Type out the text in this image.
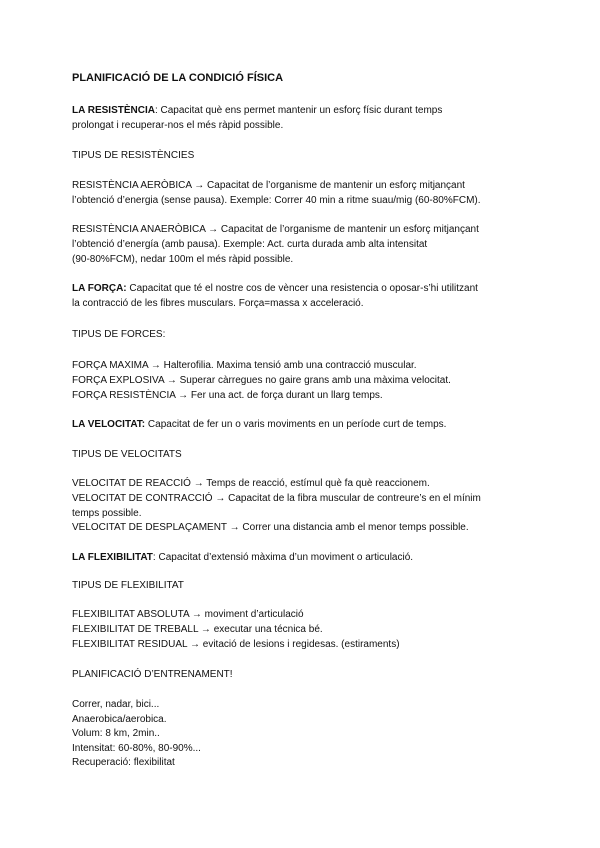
PLANIFICACIÓ DE LA CONDICIÓ FÍSICA
LA RESISTÈNCIA: Capacitat què ens permet mantenir un esforç físic durant temps
prolongat i recuperar-nos el més ràpid possible.
TIPUS DE RESISTÈNCIES
RESISTÈNCIA AERÒBICA → Capacitat de l’organisme de mantenir un esforç mitjançant
l’obtenció d’energia (sense pausa). Exemple: Correr 40 min a ritme suau/mig (60-80%FCM).
RESISTÈNCIA ANAERÒBICA → Capacitat de l’organisme de mantenir un esforç mitjançant
l’obtenció d’energía (amb pausa). Exemple: Act. curta durada amb alta intensitat
(90-80%FCM), nedar 100m el més ràpid possible.
LA FORÇA: Capacitat que té el nostre cos de vèncer una resistencia o oposar-s’hi utilitzant
la contracció de les fibres musculars. Força=massa x acceleració.
TIPUS DE FORCES:
FORÇA MAXIMA → Halterofilia. Maxima tensió amb una contracció muscular.
FORÇA EXPLOSIVA → Superar càrregues no gaire grans amb una màxima velocitat.
FORÇA RESISTÈNCIA → Fer una act. de força durant un llarg temps.
LA VELOCITAT: Capacitat de fer un o varis moviments en un període curt de temps.
TIPUS DE VELOCITATS
VELOCITAT DE REACCIÓ → Temps de reacció, estímul què fa què reaccionem.
VELOCITAT DE CONTRACCIÓ → Capacitat de la fibra muscular de contreure’s en el mínim
temps possible.
VELOCITAT DE DESPLAÇAMENT → Correr una distancia amb el menor temps possible.
LA FLEXIBILITAT: Capacitat d’extensió màxima d’un moviment o articulació.
TIPUS DE FLEXIBILITAT
FLEXIBILITAT ABSOLUTA → moviment d’articulació
FLEXIBILITAT DE TREBALL → executar una técnica bé.
FLEXIBILITAT RESIDUAL → evitació de lesions i regidesas. (estiraments)
PLANIFICACIÓ D’ENTRENAMENT!
Correr, nadar, bici...
Anaerobica/aerobica.
Volum: 8 km, 2min..
Intensitat: 60-80%, 80-90%...
Recuperació: flexibilitat
